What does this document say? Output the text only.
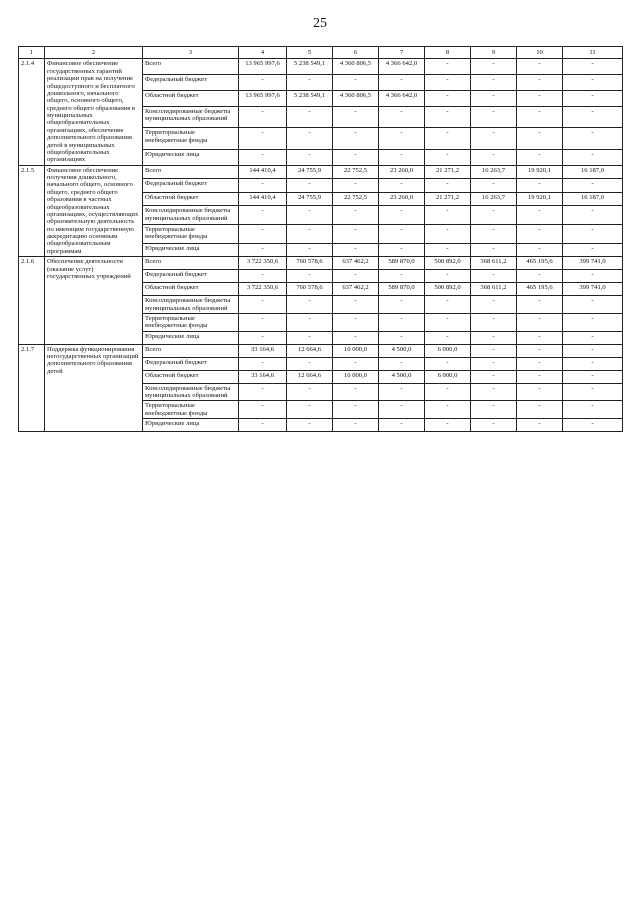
25
1	2	3	4	5	6	7	8	9	10	11
2.1.4	Финансовое обеспечение государственных гарантий реализации прав на получение общедоступного и бесплатного дошкольного, начального общего, основного общего, среднего общего образования в муниципальных общеобразовательных организациях, обеспечение дополнительного образования детей в муниципальных общеобразовательных организациях	Всего	13 965 997,6	5 238 549,1	4 360 806,5	4 366 642,0	-	-	-	-
		Федеральный бюджет	-	-	-	-	-	-	-	-
		Областной бюджет	13 965 997,6	5 238 549,1	4 360 806,5	4 366 642,0	-	-	-	-
		Консолидированные бюджеты муниципальных образований	-	-	-	-	-	-	-	-
		Территориальные внебюджетные фонды	-	-	-	-	-	-	-	-
		Юридические лица	-	-	-	-	-	-	-	-
2.1.5	Финансовое обеспечение получения дошкольного, начального общего, основного общего, среднего общего образования в частных общеобразовательных организациях, осуществляющих образовательную деятельность по имеющим государственную аккредитацию основным общеобразовательным программам	Всего	144 410,4	24 755,9	22 752,5	23 260,0	21 271,2	16 263,7	19 920,1	16 187,0
		Федеральный бюджет	-	-	-	-	-	-	-	-
		Областной бюджет	144 410,4	24 755,9	22 752,5	23 260,0	21 271,2	16 263,7	19 920,1	16 187,0
		Консолидированные бюджеты муниципальных образований	-	-	-	-	-	-	-	-
		Территориальные внебюджетные фонды	-	-	-	-	-	-	-	-
		Юридические лица	-	-	-	-	-	-	-	-
2.1.6	Обеспечение деятельности (оказание услуг) государственных учреждений	Всего	3 722 350,6	760 578,6	637 462,2	589 870,0	500 892,0	368 611,2	465 195,6	399 741,0
		Федеральный бюджет	-	-	-	-	-	-	-	-
		Областной бюджет	3 722 350,6	760 578,6	637 462,2	589 870,0	500 892,0	368 611,2	465 195,6	399 741,0
		Консолидированные бюджеты муниципальных образований	-	-	-	-	-	-	-	-
		Территориальные внебюджетные фонды	-	-	-	-	-	-	-	-
		Юридические лица	-	-	-	-	-	-	-	-
2.1.7	Поддержка функционирования негосударственных организаций дополнительного образования детей	Всего	33 164,6	12 664,6	10 000,0	4 500,0	6 000,0	-	-	-
		Федеральный бюджет	-	-	-	-	-	-	-	-
		Областной бюджет	33 164,6	12 664,6	10 000,0	4 500,0	6 000,0	-	-	-
		Консолидированные бюджеты муниципальных образований	-	-	-	-	-	-	-	-
		Территориальные внебюджетные фонды	-	-	-	-	-	-	-	-
		Юридические лица	-	-	-	-	-	-	-	-
